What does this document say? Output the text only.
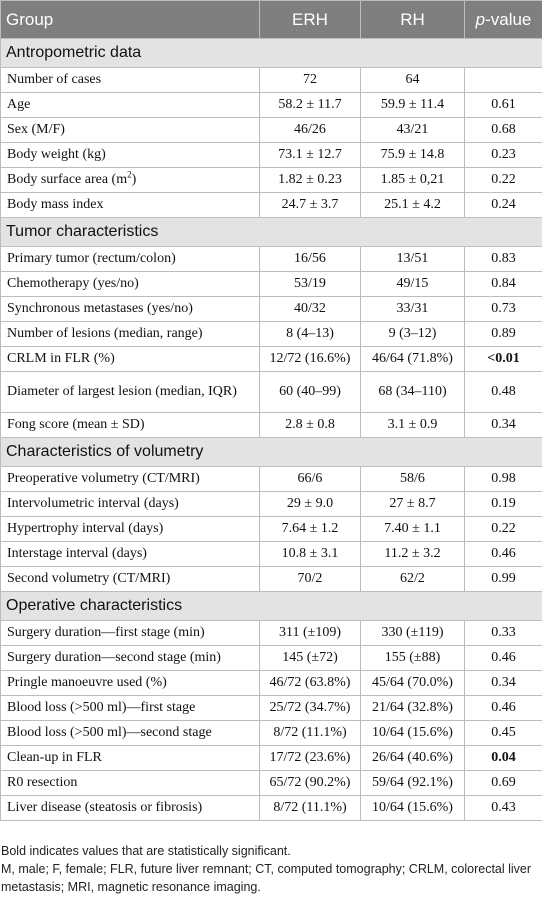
Group	ERH	RH	p-value
Antropometric data			
Number of cases	72	64	
Age	58.2 ± 11.7	59.9 ± 11.4	0.61
Sex (M/F)	46/26	43/21	0.68
Body weight (kg)	73.1 ± 12.7	75.9 ± 14.8	0.23
Body surface area $(m^2)$	1.82 ± 0.23	1.85 ± 0,21	0.22
Body mass index	24.7 ± 3.7	25.1 ± 4.2	0.24
Tumor characteristics			
Primary tumor (rectum/colon)	16/56	13/51	0.83
Chemotherapy (yes/no)	53/19	49/15	0.84
Synchronous metastases (yes/no)	40/32	33/31	0.73
Number of lesions (median, range)	8 (4–13)	9 (3–12)	0.89
CRLM in FLR (%)	12/72 (16.6%)	46/64 (71.8%)	<0.01
Diameter of largest lesion (median, IQR)	60 (40–99)	68 (34–110)	0.48
Fong score (mean ± SD)	2.8 ± 0.8	3.1 ± 0.9	0.34
Characteristics of volumetry			
Preoperative volumetry (CT/MRI)	66/6	58/6	0.98
Intervolumetric interval (days)	29 ± 9.0	27 ± 8.7	0.19
Hypertrophy interval (days)	7.64 ± 1.2	7.40 ± 1.1	0.22
Interstage interval (days)	10.8 ± 3.1	11.2 ± 3.2	0.46
Second volumetry (CT/MRI)	70/2	62/2	0.99
Operative characteristics			
Surgery duration—first stage (min)	311 (±109)	330 (±119)	0.33
Surgery duration—second stage (min)	145 (±72)	155 (±88)	0.46
Pringle manoeuvre used (%)	46/72 (63.8%)	45/64 (70.0%)	0.34
Blood loss (>500 ml)—first stage	25/72 (34.7%)	21/64 (32.8%)	0.46
Blood loss (>500 ml)—second stage	8/72 (11.1%)	10/64 (15.6%)	0.45
Clean-up in FLR	17/72 (23.6%)	26/64 (40.6%)	0.04
R0 resection	65/72 (90.2%)	59/64 (92.1%)	0.69
Liver disease (steatosis or fibrosis)	8/72 (11.1%)	10/64 (15.6%)	0.43

Bold indicates values that are statistically significant.

M, male; F, female; FLR, future liver remnant; CT, computed tomography; CRLM, colorectal liver metastasis; MRI, magnetic resonance imaging.
